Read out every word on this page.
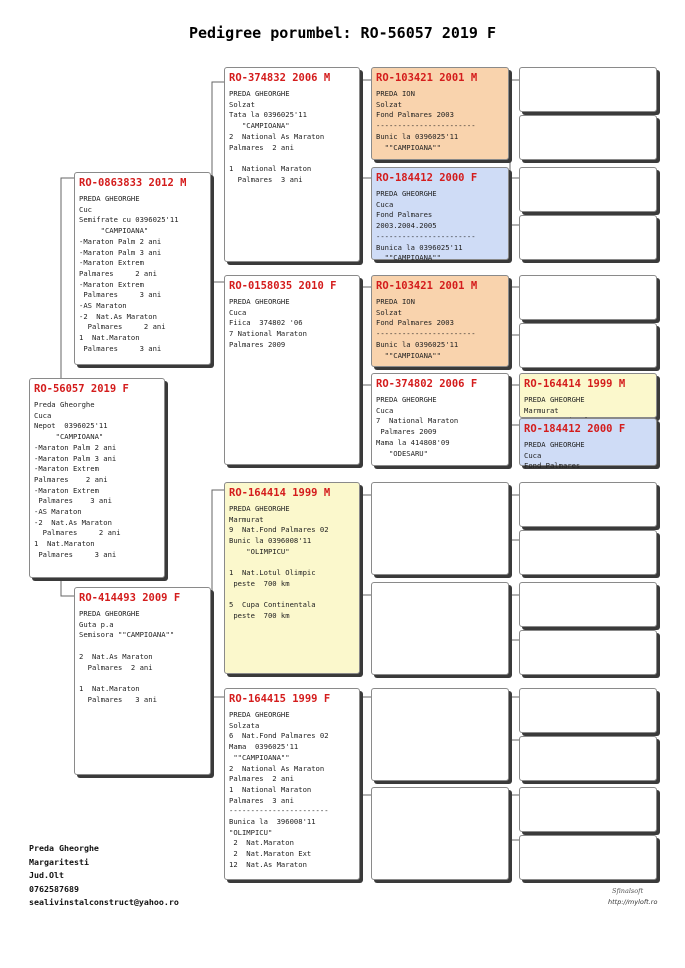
Pedigree porumbel: RO-56057 2019 F
RO-56057 2019 F
Preda Gheorghe
Cuca
Nepot  0396025'11
"CAMPIOANA"
-Maraton Palm 2 ani
-Maraton Palm 3 ani
-Maraton Extrem
Palmares    2 ani
-Maraton Extrem
Palmares    3 ani
-AS Maraton
-2  Nat.As Maraton
Palmares     2 ani
1  Nat.Maraton
Palmares     3 ani
RO-0863833 2012 M
PREDA GHEORGHE
Cuc
Semifrate cu 0396025'11
"CAMPIOANA"
-Maraton Palm 2 ani
-Maraton Palm 3 ani
-Maraton Extrem
Palmares     2 ani
-Maraton Extrem
Palmares     3 ani
-AS Maraton
-2  Nat.As Maraton
Palmares     2 ani
1  Nat.Maraton
Palmares     3 ani
RO-414493 2009 F
PREDA GHEORGHE
Guta p.a
Semisora ""CAMPIOANA""

2  Nat.As Maraton
Palmares  2 ani

1  Nat.Maraton
Palmares   3 ani
RO-374832 2006 M
PREDA GHEORGHE
Solzat
Tata la 0396025'11
"CAMPIOANA"
2  National As Maraton
Palmares  2 ani

1  National Maraton
Palmares  3 ani
RO-0158035 2010 F
PREDA GHEORGHE
Cuca
Fiica  374802 '06
7 National Maraton
Palmares 2009
RO-164414 1999 M
PREDA GHEORGHE
Marmurat
9  Nat.Fond Palmares 02
Bunic la 0396008'11
"OLIMPICU"

1  Nat.Lotul Olimpic
peste  700 km

5  Cupa Continentala
peste  700 km
RO-164415 1999 F
PREDA GHEORGHE
Solzata
6  Nat.Fond Palmares 02
Mama  0396025'11
""CAMPIOANA""
2  National As Maraton
Palmares  2 ani
1  National Maraton
Palmares  3 ani
-----------------------
Bunica la  396008'11
"OLIMPICU"
2  Nat.Maraton
2  Nat.Maraton Ext
12  Nat.As Maraton
RO-103421 2001 M
PREDA ION
Solzat
Fond Palmares 2003
-----------------------
Bunic la 0396025'11
""CAMPIOANA""
RO-184412 2000 F
PREDA GHEORGHE
Cuca
Fond Palmares
2003.2004.2005
-----------------------
Bunica la 0396025'11
""CAMPIOANA""
RO-103421 2001 M
PREDA ION
Solzat
Fond Palmares 2003
-----------------------
Bunic la 0396025'11
""CAMPIOANA""
RO-374802 2006 F
PREDA GHEORGHE
Cuca
7  National Maraton
Palmares 2009
Mama la 414808'09
"ODESARU"
RO-164414 1999 M
PREDA GHEORGHE
Marmurat

RO-184412 2000 F
PREDA GHEORGHE
Cuca
Fond Palmares
Preda Gheorghe
Margaritesti
Jud.Olt
0762587689
sealivinstalconstruct@yahoo.ro
Sfinalsoft
http://myloft.ro
